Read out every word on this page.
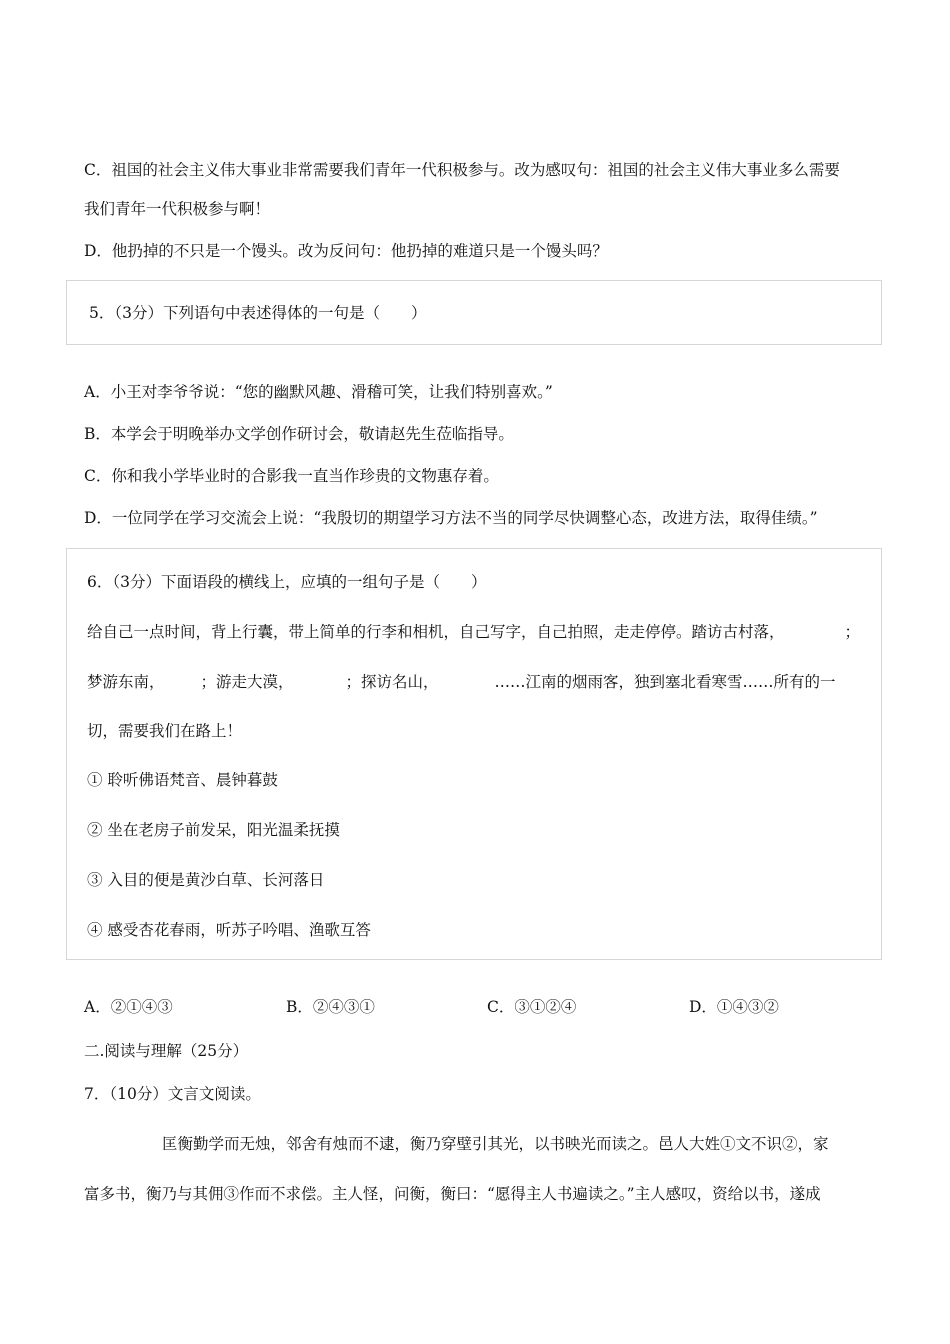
C．祖国的社会主义伟大事业非常需要我们青年一代积极参与。改为感叹句：祖国的社会主义伟大事业多么需要
我们青年一代积极参与啊！
D．他扔掉的不只是一个馒头。改为反问句：他扔掉的难道只是一个馒头吗？
5．（3分）下列语句中表述得体的一句是（　　）
A．小王对李爷爷说：“您的幽默风趣、滑稽可笑，让我们特别喜欢。”
B．本学会于明晚举办文学创作研讨会，敬请赵先生莅临指导。
C．你和我小学毕业时的合影我一直当作珍贵的文物惠存着。
D．一位同学在学习交流会上说：“我殷切的期望学习方法不当的同学尽快调整心态，改进方法，取得佳绩。”
6．（3分）下面语段的横线上，应填的一组句子是（　　）
给自己一点时间，背上行囊，带上简单的行李和相机，自己写字，自己拍照，走走停停。踏访古村落，	；
梦游东南， ；游走大漠，	；探访名山，	……江南的烟雨客，独到塞北看寒雪……所有的一
切，需要我们在路上！
① 聆听佛语梵音、晨钟暮鼓
② 坐在老房子前发呆，阳光温柔抚摸
③ 入目的便是黄沙白草、长河落日
④ 感受杏花春雨，听苏子吟唱、渔歌互答
A．②①④③	B．②④③①	C．③①②④	D．①④③②
二.阅读与理解（25分）
7．（10分）文言文阅读。
匡衡勤学而无烛，邻舍有烛而不逮，衡乃穿壁引其光，以书映光而读之。邑人大姓①文不识②，家
富多书，衡乃与其佣③作而不求偿。主人怪，问衡，衡曰：“愿得主人书遍读之。”主人感叹，资给以书，遂成
